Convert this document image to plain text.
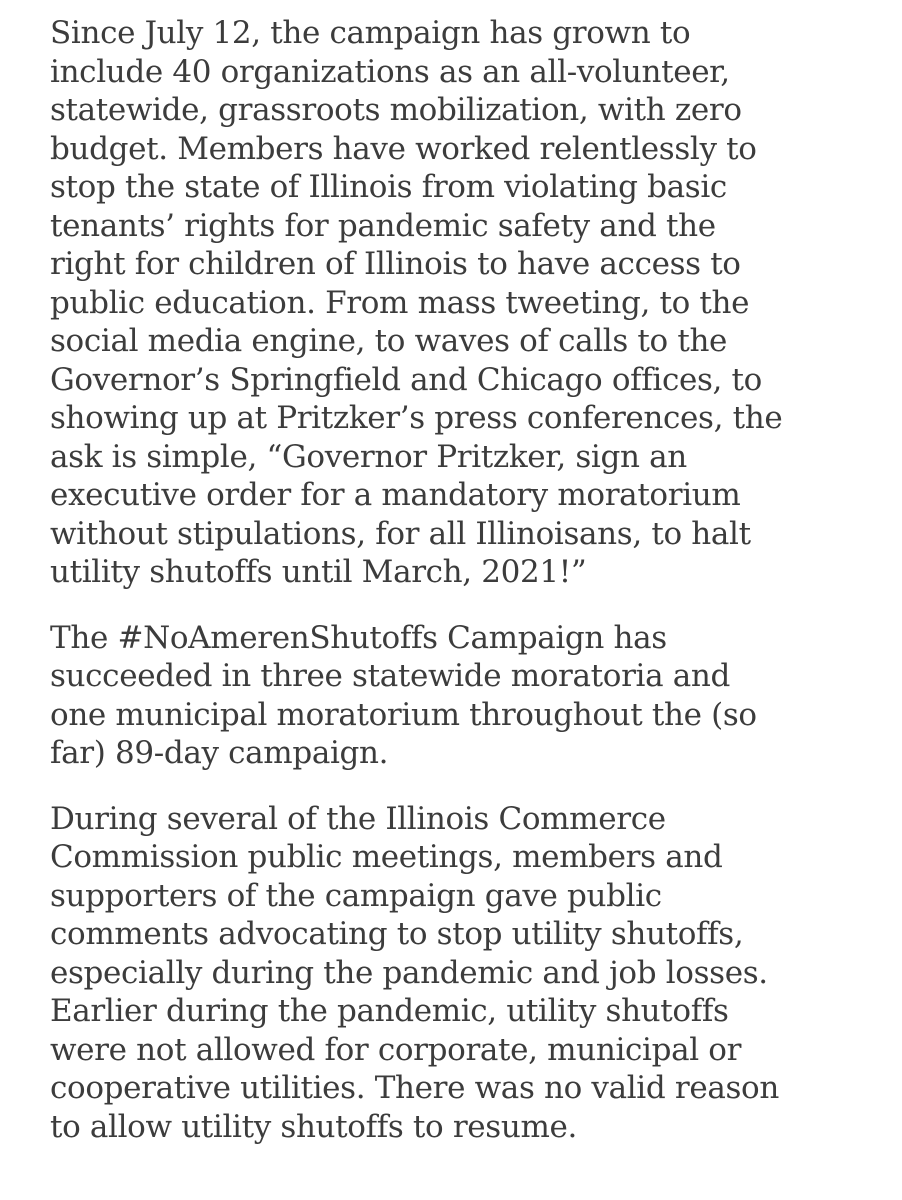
Since July 12, the campaign has grown to
include 40 organizations as an all-volunteer,
statewide, grassroots mobilization, with zero
budget. Members have worked relentlessly to
stop the state of Illinois from violating basic
tenants’ rights for pandemic safety and the
right for children of Illinois to have access to
public education. From mass tweeting, to the
social media engine, to waves of calls to the
Governor’s Springfield and Chicago offices, to
showing up at Pritzker’s press conferences, the
ask is simple, “Governor Pritzker, sign an
executive order for a mandatory moratorium
without stipulations, for all Illinoisans, to halt
utility shutoffs until March, 2021!”

The #NoAmerenShutoffs Campaign has
succeeded in three statewide moratoria and
one municipal moratorium throughout the (so
far) 89-day campaign.

During several of the Illinois Commerce
Commission public meetings, members and
supporters of the campaign gave public
comments advocating to stop utility shutoffs,
especially during the pandemic and job losses.
Earlier during the pandemic, utility shutoffs
were not allowed for corporate, municipal or
cooperative utilities. There was no valid reason
to allow utility shutoffs to resume.
